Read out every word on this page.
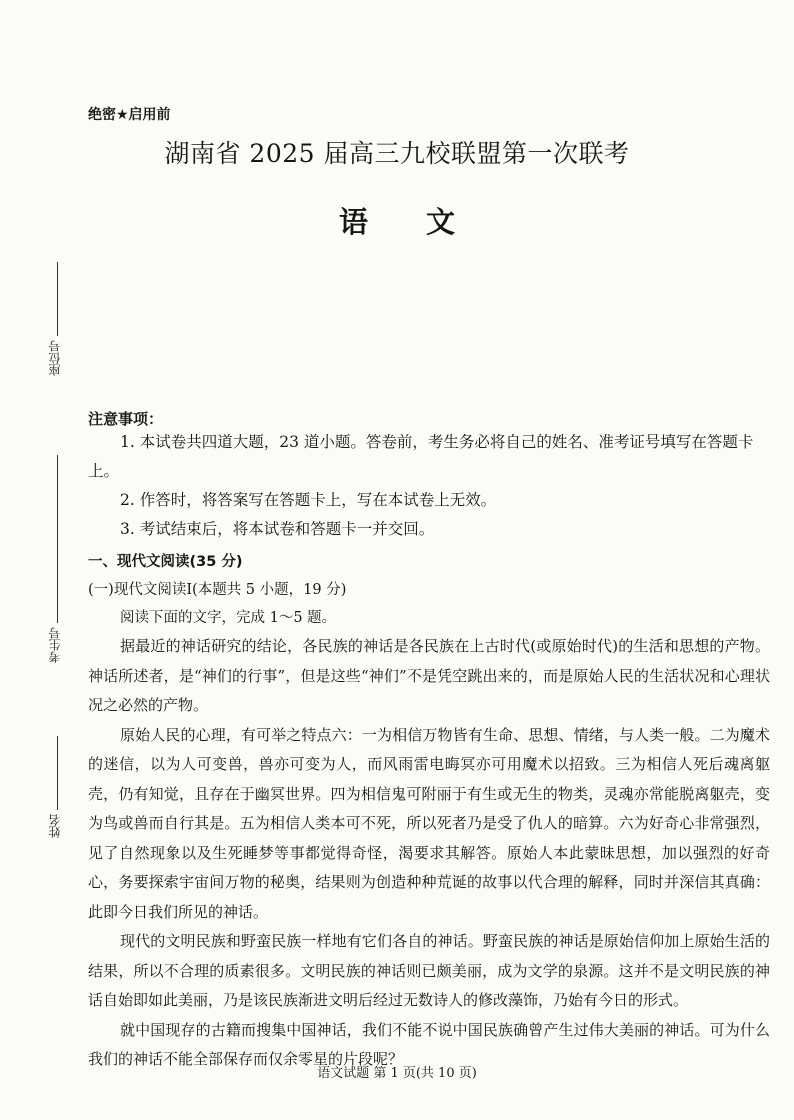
座位号
考生号
姓名
绝密★启用前
湖南省 2025 届高三九校联盟第一次联考
语文
注意事项：

1. 本试卷共四道大题，23 道小题。答卷前，考生务必将自己的姓名、准考证号填写在答题卡上。

2. 作答时，将答案写在答题卡上，写在本试卷上无效。

3. 考试结束后，将本试卷和答题卡一并交回。

一、现代文阅读(35 分)
(一)现代文阅读Ⅰ(本题共 5 小题，19 分)
阅读下面的文字，完成 1～5 题。

据最近的神话研究的结论，各民族的神话是各民族在上古时代(或原始时代)的生活和思想的产物。神话所述者，是“神们的行事”，但是这些“神们”不是凭空跳出来的，而是原始人民的生活状况和心理状况之必然的产物。

原始人民的心理，有可举之特点六：一为相信万物皆有生命、思想、情绪，与人类一般。二为魔术的迷信，以为人可变兽，兽亦可变为人，而风雨雷电晦冥亦可用魔术以招致。三为相信人死后魂离躯壳，仍有知觉，且存在于幽冥世界。四为相信鬼可附丽于有生或无生的物类，灵魂亦常能脱离躯壳，变为鸟或兽而自行其是。五为相信人类本可不死，所以死者乃是受了仇人的暗算。六为好奇心非常强烈，见了自然现象以及生死睡梦等事都觉得奇怪，渴要求其解答。原始人本此蒙昧思想，加以强烈的好奇心，务要探索宇宙间万物的秘奥，结果则为创造种种荒诞的故事以代合理的解释，同时并深信其真确：此即今日我们所见的神话。

现代的文明民族和野蛮民族一样地有它们各自的神话。野蛮民族的神话是原始信仰加上原始生活的结果，所以不合理的质素很多。文明民族的神话则已颇美丽，成为文学的泉源。这并不是文明民族的神话自始即如此美丽，乃是该民族渐进文明后经过无数诗人的修改藻饰，乃始有今日的形式。

就中国现存的古籍而搜集中国神话，我们不能不说中国民族确曾产生过伟大美丽的神话。可为什么我们的神话不能全部保存而仅余零星的片段呢？

语文试题 第 1 页(共 10 页)
